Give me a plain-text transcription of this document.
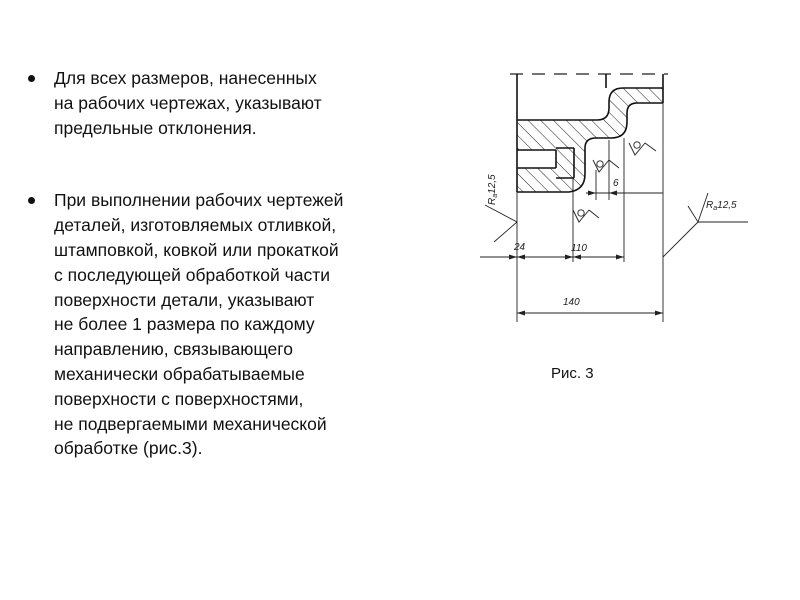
Для всех размеров, нанесенных
на рабочих чертежах, указывают
предельные отклонения.
При выполнении рабочих чертежей
деталей, изготовляемых отливкой,
штамповкой, ковкой или прокаткой
с последующей обработкой части
поверхности детали, указывают
не более 1 размера по каждому
направлению, связывающего
механически обрабатываемые
поверхности с поверхностями,
не подвергаемыми механической
обработке (рис.3).
24	110
140
6
$R_a12,5$
$R_a12,5$
Рис. 3
